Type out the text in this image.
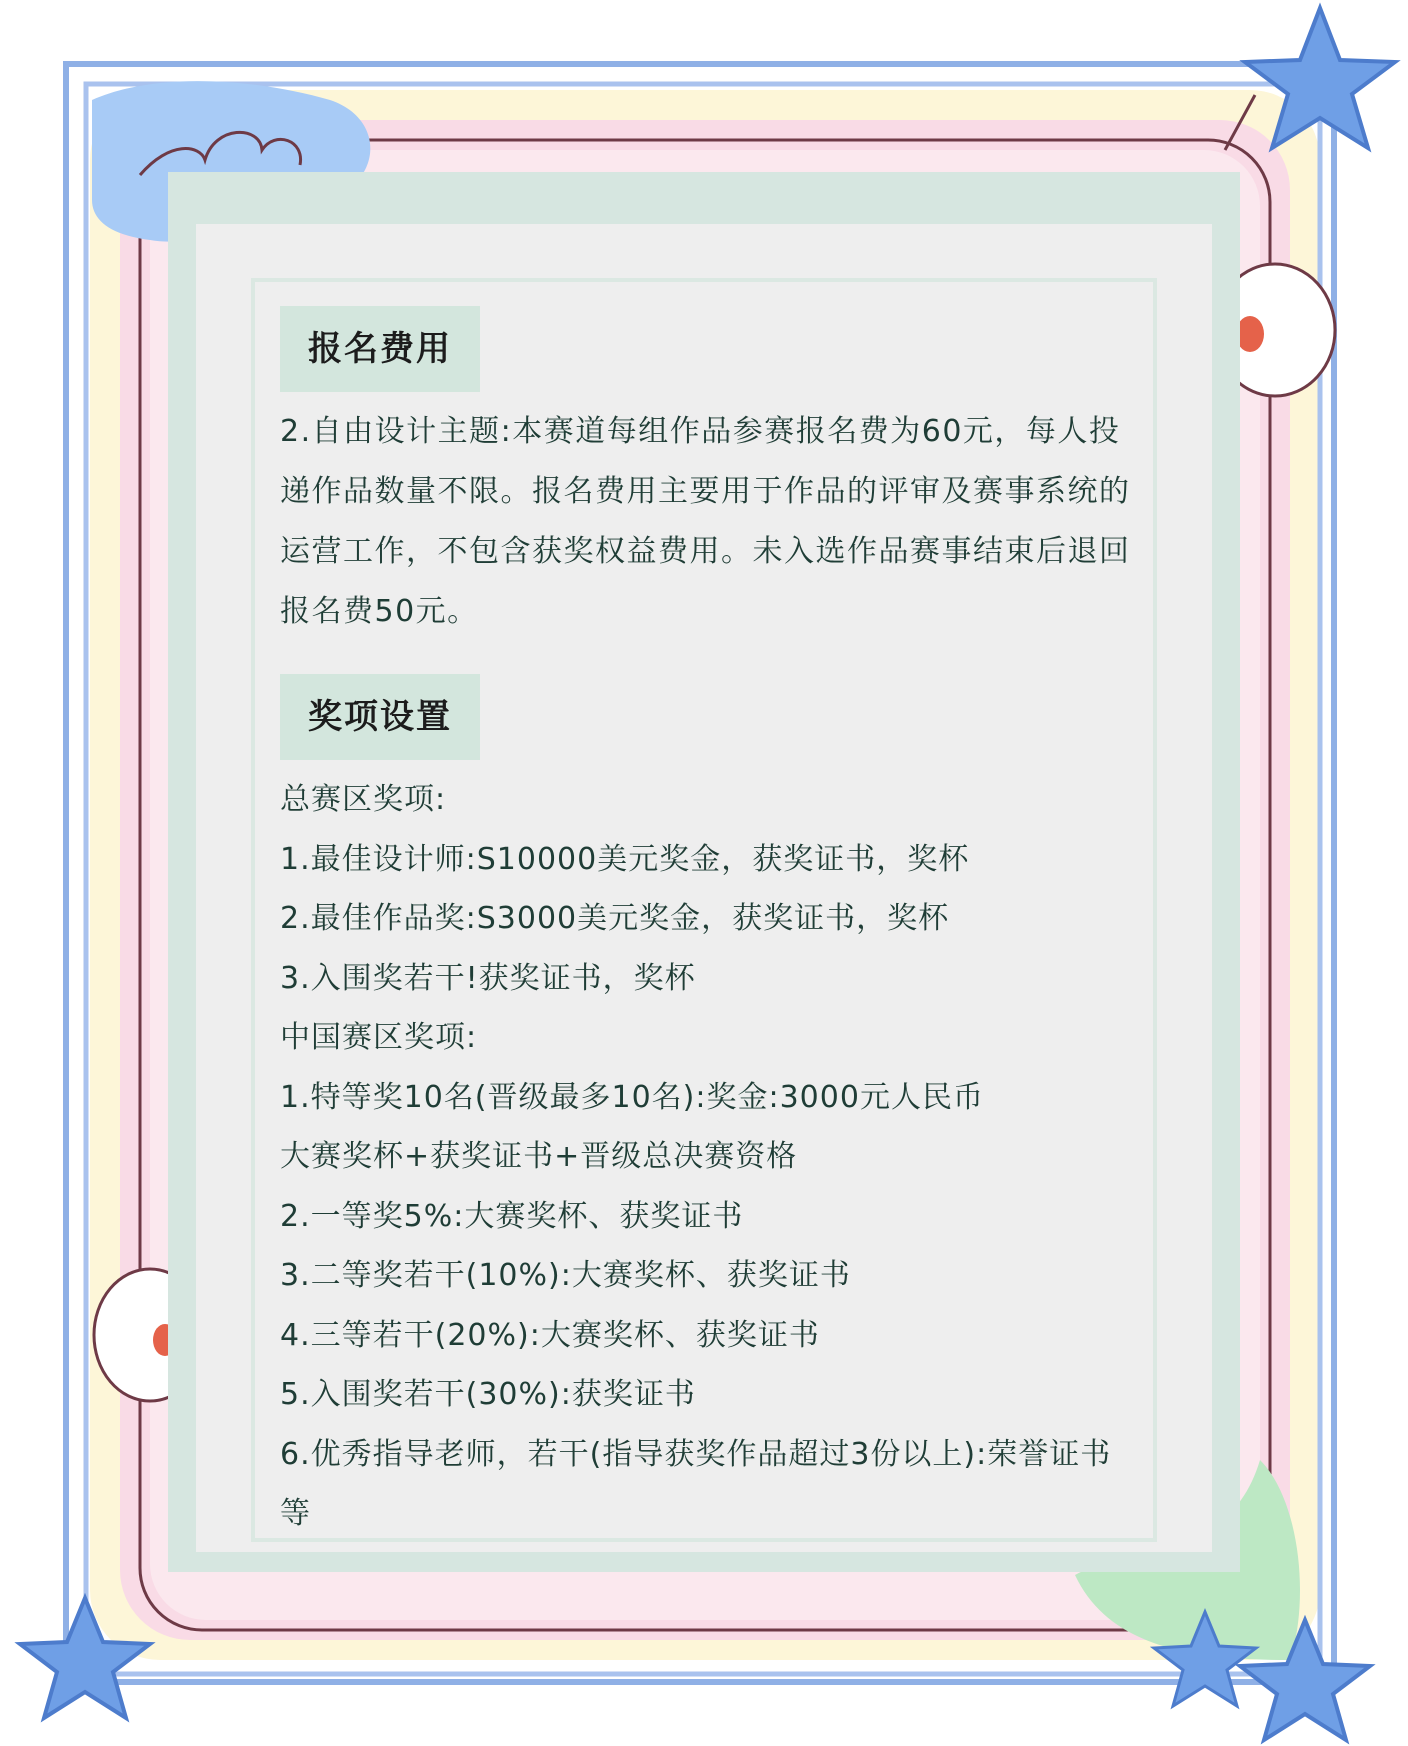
报名费用
2.自由设计主题:本赛道每组作品参赛报名费为60元，每人投递作品数量不限。报名费用主要用于作品的评审及赛事系统的运营工作，不包含获奖权益费用。未入选作品赛事结束后退回报名费50元。
奖项设置
总赛区奖项:
1.最佳设计师:S10000美元奖金，获奖证书，奖杯
2.最佳作品奖:S3000美元奖金，获奖证书，奖杯
3.入围奖若干!获奖证书，奖杯
中国赛区奖项:
1.特等奖10名(晋级最多10名):奖金:3000元人民币
大赛奖杯+获奖证书+晋级总决赛资格
2.一等奖5%:大赛奖杯、获奖证书
3.二等奖若干(10%):大赛奖杯、获奖证书
4.三等若干(20%):大赛奖杯、获奖证书
5.入围奖若干(30%):获奖证书
6.优秀指导老师，若干(指导获奖作品超过3份以上):荣誉证书等
